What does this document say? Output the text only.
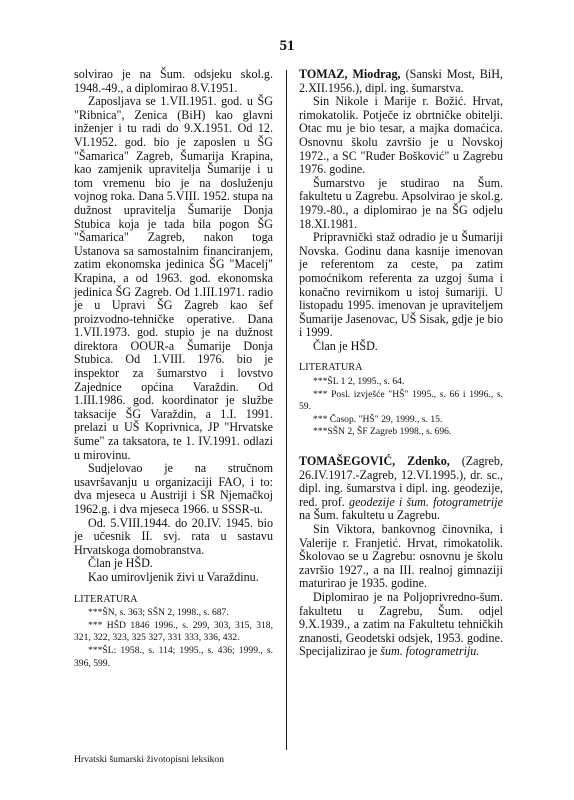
51

solvirao je na Šum. odsjeku skol.g. 1948.-49., a diplomirao 8.V.1951.

Zaposljava se 1.VII.1951. god. u ŠG "Ribnica", Zenica (BiH) kao glavni inženjer i tu radi do 9.X.1951. Od 12. VI.1952. god. bio je zaposlen u ŠG "Šamarica" Zagreb, Šumarija Krapina, kao zamjenik upravitelja Šumarije i u tom vremenu bio je na dosluženju vojnog roka. Dana 5.VIII. 1952. stupa na dužnost upravitelja Šumarije Donja Stubica koja je tada bila pogon ŠG "Šamarica" Zagreb, nakon toga Ustanova sa samostalnim financiranjem, zatim ekonomska jedinica ŠG "Macelj" Krapina, a od 1963. god. ekonomska jedinica ŠG Zagreb. Od 1.III.1971. radio je u Upravi ŠG Zagreb kao šef proizvodno-tehničke operative. Dana 1.VII.1973. god. stupio je na dužnost direktora OOUR-a Šumarije Donja Stubica. Od 1.VIII. 1976. bio je inspektor za šumarstvo i lovstvo Zajednice općina Varaždin. Od 1.III.1986. god. koordinator je službe taksacije ŠG Varaždin, a 1.I. 1991. prelazi u UŠ Koprivnica, JP "Hrvatske šume" za taksatora, te 1. IV.1991. odlazi u mirovinu.

Sudjelovao je na stručnom usavršavanju u organizaciji FAO, i to: dva mjeseca u Austriji i SR Njemačkoj 1962.g. i dva mjeseca 1966. u SSSR-u.

Od. 5.VIII.1944. do 20.IV. 1945. bio je učesnik II. svj. rata u sastavu Hrvatskoga domobranstva.

Član je HŠD.

Kao umirovljenik živi u Varaždinu.

LITERATURA

***ŠN, s. 363; SŠN 2, 1998., s. 687.

*** HŠD 1846 1996., s. 299, 303, 315, 318, 321, 322, 323, 325 327, 331 333, 336, 432.

***ŠL: 1958., s. 114; 1995., s. 436; 1999., s. 396, 599.

TOMAZ, Miodrag, (Sanski Most, BiH, 2.XII.1956.), dipl. ing. šumarstva.

Sin Nikole i Marije r. Božić. Hrvat, rimokatolik. Potječe iz obrtničke obitelji. Otac mu je bio tesar, a majka domaćica. Osnovnu školu završio je u Novskoj 1972., a SC "Ruđer Bošković" u Zagrebu 1976. godine.

Šumarstvo je studirao na Šum. fakultetu u Zagrebu. Apsolvirao je skol.g. 1979.-80., a diplomirao je na ŠG odjelu 18.XI.1981.

Pripravnički staž odradio je u Šumariji Novska. Godinu dana kasnije imenovan je referentom za ceste, pa zatim pomoćnikom referenta za uzgoj šuma i konačno revirnikom u istoj šumariji. U listopadu 1995. imenovan je upraviteljem Šumarije Jasenovac, UŠ Sisak, gdje je bio i 1999.

Član je HŠD.

LITERATURA

***ŠL 1 2, 1995., s. 64.

*** Posl. izvješće "HŠ" 1995., s. 66 i 1996., s. 59.

*** Časop. "HŠ" 29, 1999., s. 15.

***SŠN 2, ŠF Zagreb 1998., s. 696.

TOMAŠEGOVIĆ, Zdenko, (Zagreb, 26.IV.1917.-Zagreb, 12.VI.1995.), dr. sc., dipl. ing. šumarstva i dipl. ing. geodezije, red. prof. geodezije i šum. fotogrametrije na Šum. fakultetu u Zagrebu.

Sin Viktora, bankovnog činovnika, i Valerije r. Franjetić. Hrvat, rimokatolik. Školovao se u Zagrebu: osnovnu je školu završio 1927., a na III. realnoj gimnaziji maturirao je 1935. godine.

Diplomirao je na Poljoprivredno-šum. fakultetu u Zagrebu, Šum. odjel 9.X.1939., a zatim na Fakultetu tehničkih znanosti, Geodetski odsjek, 1953. godine. Specijalizirao je šum. fotogrametriju.

Hrvatski šumarski životopisni leksikon
